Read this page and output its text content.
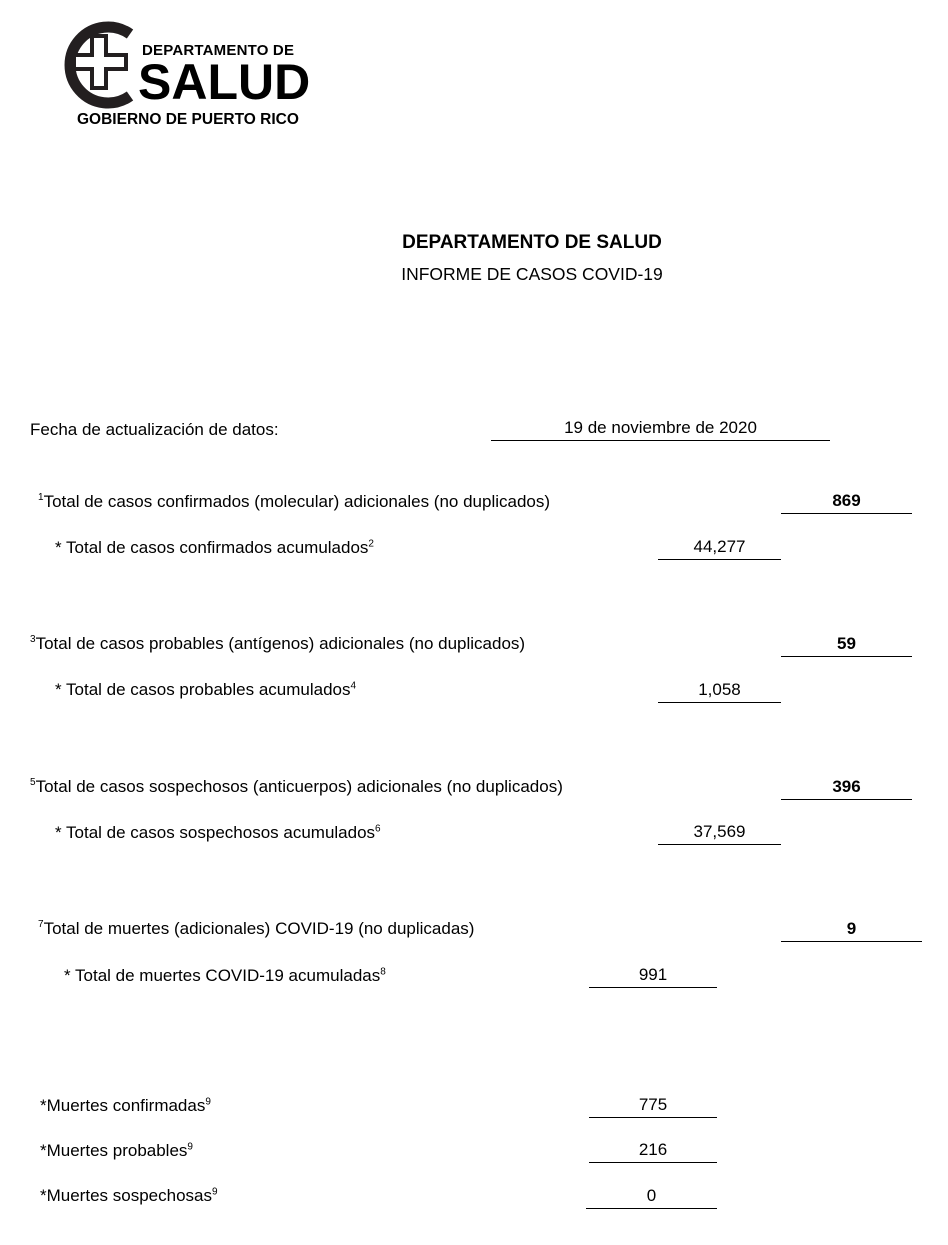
DEPARTAMENTO DE
SALUD
GOBIERNO DE PUERTO RICO
DEPARTAMENTO DE SALUD
INFORME DE CASOS COVID-19
Fecha de actualización de datos:	19 de noviembre de 2020
$^1$Total de casos confirmados (molecular) adicionales (no duplicados)	869
* Total de casos confirmados acumulados$^2$	44,277
$^3$Total de casos probables (antígenos) adicionales (no duplicados)	59
* Total de casos probables acumulados$^4$	1,058
$^5$Total de casos sospechosos (anticuerpos) adicionales (no duplicados)	396
* Total de casos sospechosos acumulados$^6$	37,569
$^7$Total de muertes (adicionales) COVID-19 (no duplicadas)	9
* Total de muertes COVID-19 acumuladas$^8$	991
*Muertes confirmadas$^9$	775
*Muertes probables$^9$	216
*Muertes sospechosas$^9$	0
